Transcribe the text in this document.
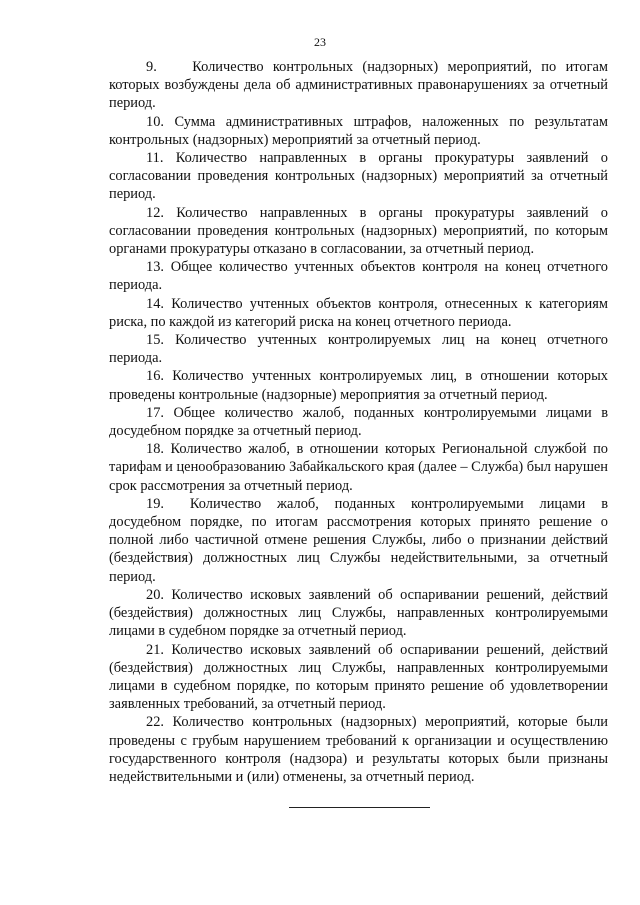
23

9. Количество контрольных (надзорных) мероприятий, по итогам которых возбуждены дела об административных правонарушениях за отчетный период.

10. Сумма административных штрафов, наложенных по результатам контрольных (надзорных) мероприятий за отчетный период.

11. Количество направленных в органы прокуратуры заявлений о согласовании проведения контрольных (надзорных) мероприятий за отчетный период.

12. Количество направленных в органы прокуратуры заявлений о согласовании проведения контрольных (надзорных) мероприятий, по которым органами прокуратуры отказано в согласовании, за отчетный период.

13. Общее количество учтенных объектов контроля на конец отчетного периода.

14. Количество учтенных объектов контроля, отнесенных к категориям риска, по каждой из категорий риска на конец отчетного периода.

15. Количество учтенных контролируемых лиц на конец отчетного периода.

16. Количество учтенных контролируемых лиц, в отношении которых проведены контрольные (надзорные) мероприятия за отчетный период.

17. Общее количество жалоб, поданных контролируемыми лицами в досудебном порядке за отчетный период.

18. Количество жалоб, в отношении которых Региональной службой по тарифам и ценообразованию Забайкальского края (далее – Служба) был нарушен срок рассмотрения за отчетный период.

19. Количество жалоб, поданных контролируемыми лицами в досудебном порядке, по итогам рассмотрения которых принято решение о полной либо частичной отмене решения Службы, либо о признании действий (бездействия) должностных лиц Службы недействительными, за отчетный период.

20. Количество исковых заявлений об оспаривании решений, действий (бездействия) должностных лиц Службы, направленных контролируемыми лицами в судебном порядке за отчетный период.

21. Количество исковых заявлений об оспаривании решений, действий (бездействия) должностных лиц Службы, направленных контролируемыми лицами в судебном порядке, по которым принято решение об удовлетворении заявленных требований, за отчетный период.

22. Количество контрольных (надзорных) мероприятий, которые были проведены с грубым нарушением требований к организации и осуществлению государственного контроля (надзора) и результаты которых были признаны недействительными и (или) отменены, за отчетный период.
